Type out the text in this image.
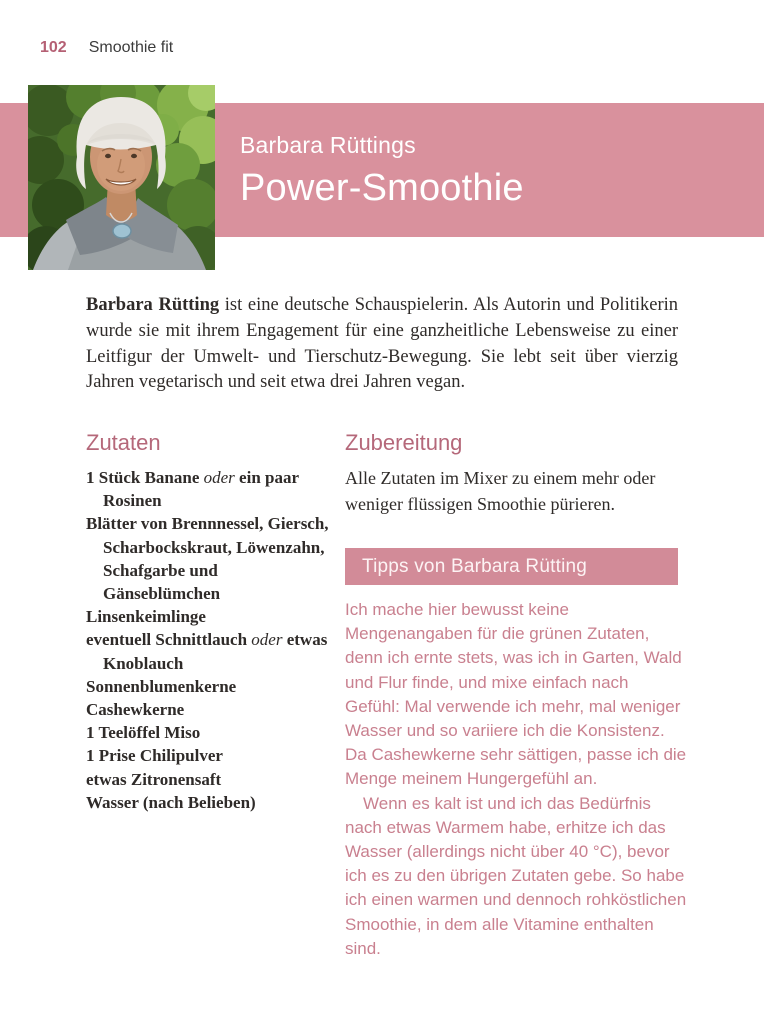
102 Smoothie fit
Barbara Rüttings
Power-Smoothie

Barbara Rütting ist eine deutsche Schauspielerin. Als Autorin und Politikerin wurde sie mit ihrem Engagement für eine ganzheitliche Lebensweise zu einer Leitfigur der Umwelt- und Tierschutz-Bewegung. Sie lebt seit über vierzig Jahren vegetarisch und seit etwa drei Jahren vegan.

Zutaten
1 Stück Banane oder ein paar Rosinen
Blätter von Brennnessel, Giersch, Scharbockskraut, Löwenzahn, Schafgarbe und Gänseblümchen
Linsenkeimlinge
eventuell Schnittlauch oder etwas Knoblauch
Sonnenblumenkerne
Cashewkerne
1 Teelöffel Miso
1 Prise Chilipulver
etwas Zitronensaft
Wasser (nach Belieben)
Zubereitung

Alle Zutaten im Mixer zu einem mehr oder weniger flüssigen Smoothie pürieren.

Tipps von Barbara Rütting

Ich mache hier bewusst keine Mengenangaben für die grünen Zutaten, denn ich ernte stets, was ich in Garten, Wald und Flur finde, und mixe einfach nach Gefühl: Mal verwende ich mehr, mal weniger Wasser und so variiere ich die Konsistenz. Da Cashewkerne sehr sättigen, passe ich die Menge meinem Hungergefühl an.

Wenn es kalt ist und ich das Bedürfnis nach etwas Warmem habe, erhitze ich das Wasser (allerdings nicht über 40 °C), bevor ich es zu den übrigen Zutaten gebe. So habe ich einen warmen und dennoch rohköstlichen Smoothie, in dem alle Vitamine enthalten sind.
